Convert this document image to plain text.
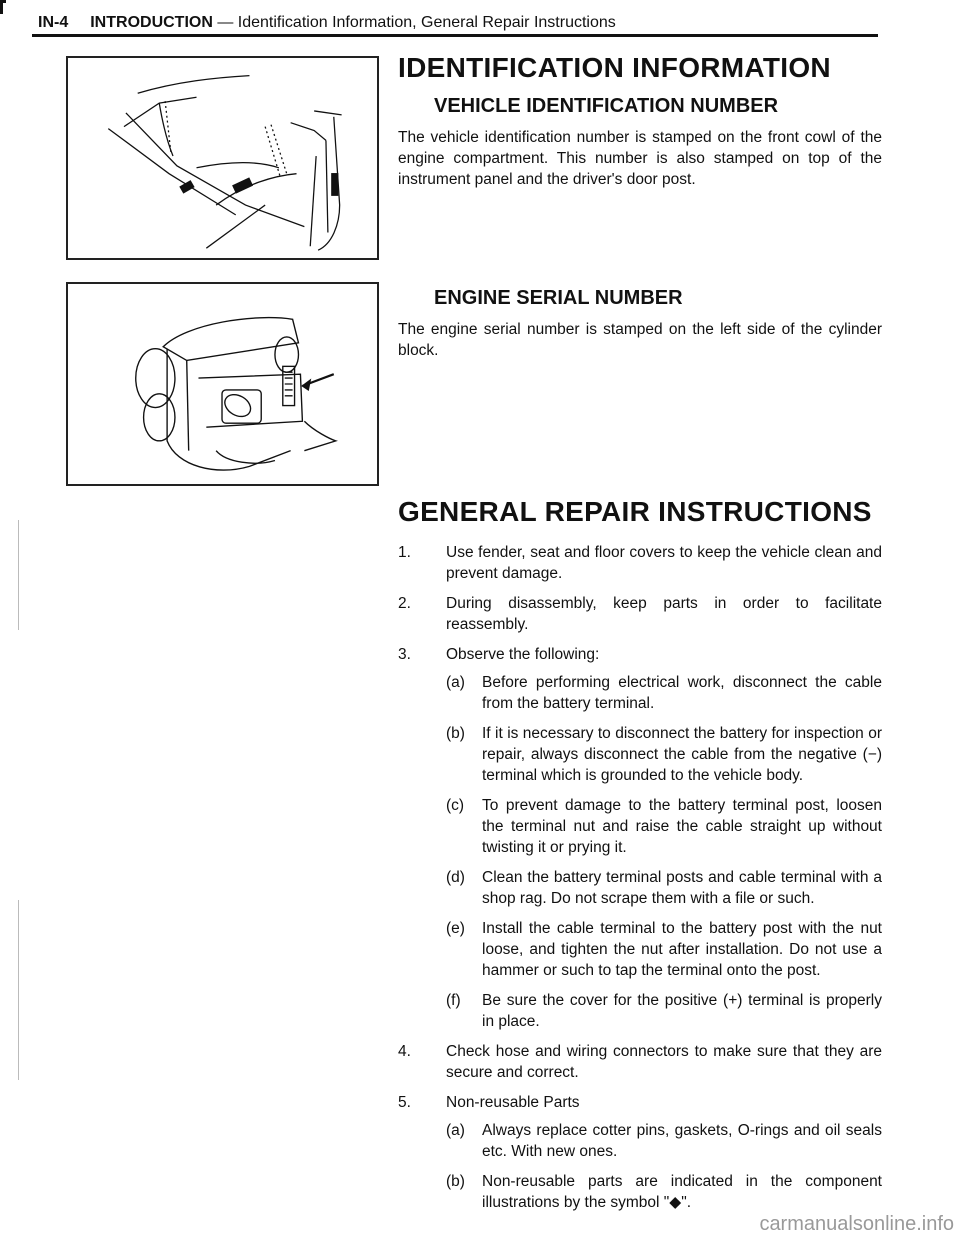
IN-4 INTRODUCTION — Identification Information, General Repair Instructions
IDENTIFICATION INFORMATION
VEHICLE IDENTIFICATION NUMBER

The vehicle identification number is stamped on the front cowl of the engine compartment. This number is also stamped on top of the instrument panel and the driver's door post.

ENGINE SERIAL NUMBER

The engine serial number is stamped on the left side of the cylinder block.

GENERAL REPAIR INSTRUCTIONS
1.	Use fender, seat and floor covers to keep the vehicle clean and prevent damage.
2.	During disassembly, keep parts in order to facilitate reassembly.
3.	Observe the following:
(a)	Before performing electrical work, disconnect the cable from the battery terminal.
(b)	If it is necessary to disconnect the battery for inspection or repair, always disconnect the cable from the negative (−) terminal which is grounded to the vehicle body.
(c)	To prevent damage to the battery terminal post, loosen the terminal nut and raise the cable straight up without twisting it or prying it.
(d)	Clean the battery terminal posts and cable terminal with a shop rag. Do not scrape them with a file or such.
(e)	Install the cable terminal to the battery post with the nut loose, and tighten the nut after installation. Do not use a hammer or such to tap the terminal onto the post.
(f)	Be sure the cover for the positive (+) terminal is properly in place.
4.	Check hose and wiring connectors to make sure that they are secure and correct.
5.	Non-reusable Parts
(a)	Always replace cotter pins, gaskets, O-rings and oil seals etc. With new ones.
(b)	Non-reusable parts are indicated in the component illustrations by the symbol "◆".
carmanualsonline.info
